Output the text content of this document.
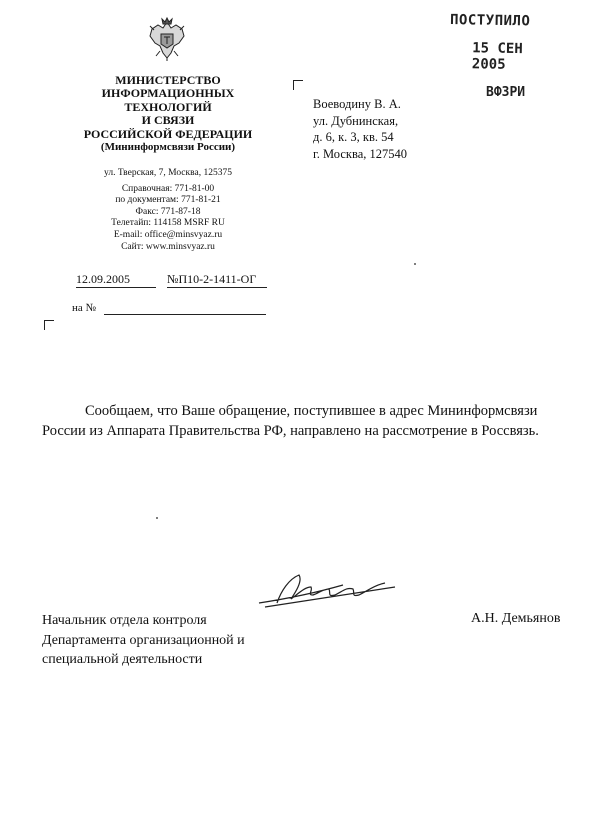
МИНИСТЕРСТВО
ИНФОРМАЦИОННЫХ
ТЕХНОЛОГИЙ
И СВЯЗИ
РОССИЙСКОЙ ФЕДЕРАЦИИ
(Мининформсвязи России)
ул. Тверская, 7, Москва, 125375
Справочная: 771-81-00
по документам: 771-81-21
Факс: 771-87-18
Телетайп: 114158 MSRF RU
E-mail: office@minsvyaz.ru
Сайт: www.minsvyaz.ru
Воеводину В. А.
ул. Дубнинская,
д. 6, к. 3, кв. 54
г. Москва, 127540
ПОСТУПИЛО
15 СЕН 2005
ВФЗРИ
12.09.2005	№П10-2-1411-ОГ
на №
Сообщаем, что Ваше обращение, поступившее в адрес Мининформсвязи России из Аппарата Правительства РФ, направлено на рассмотрение в Россвязь.
Начальник отдела контроля
Департамента организационной и
специальной деятельности
А.Н. Демьянов
